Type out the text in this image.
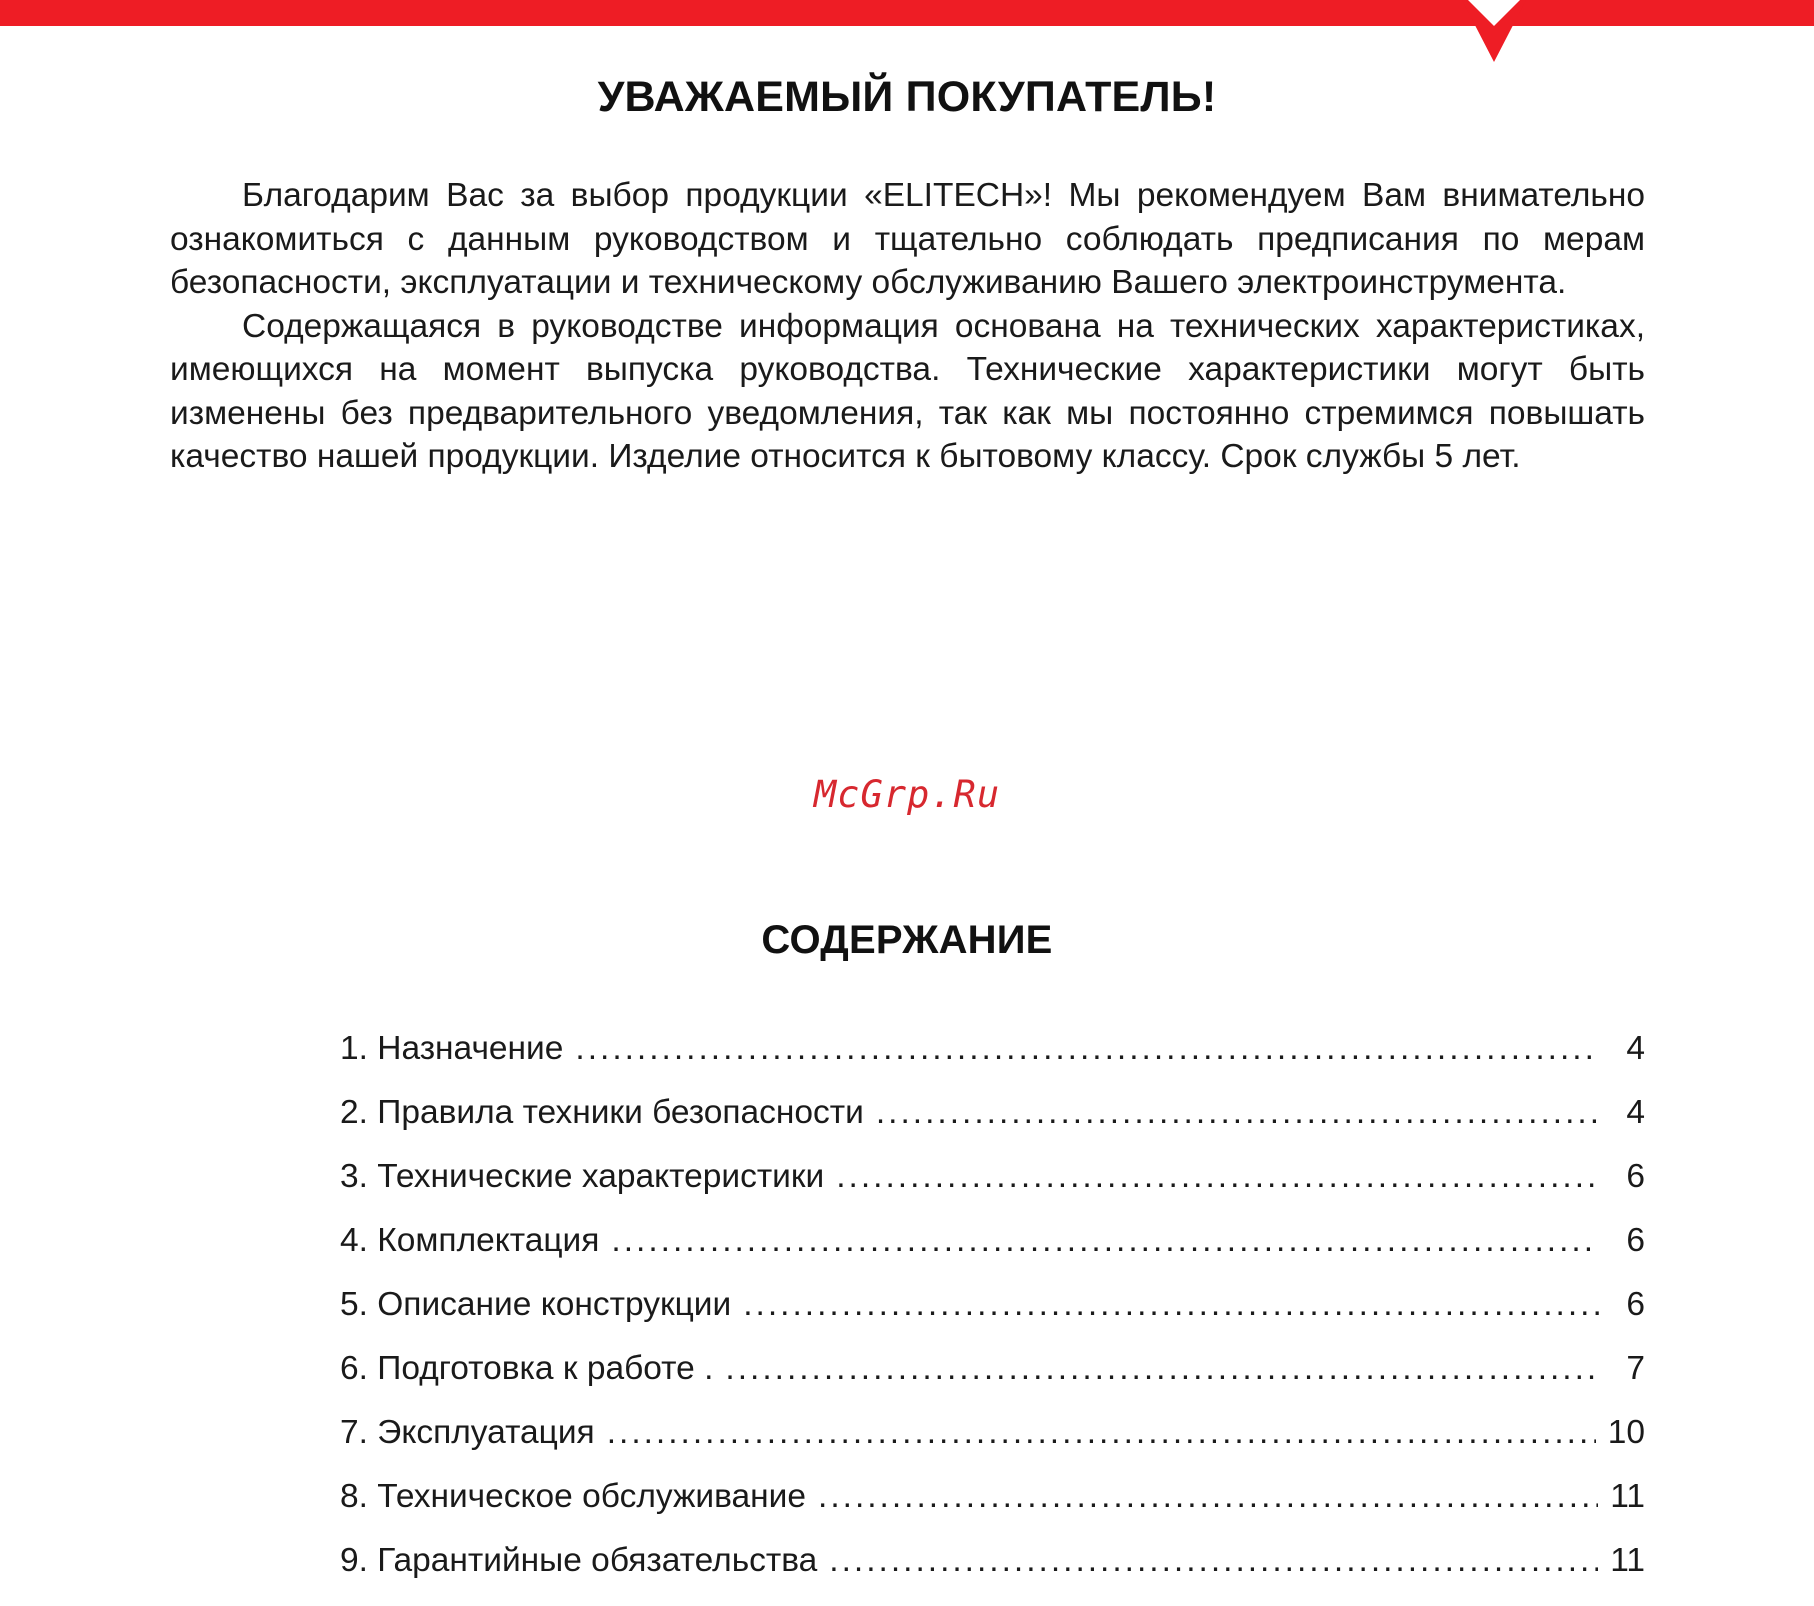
УВАЖАЕМЫЙ ПОКУПАТЕЛЬ!

Благодарим Вас за выбор продукции «ELITECH»! Мы рекомендуем Вам внимательно ознакомиться с данным руководством и тщательно соблюдать предписания по мерам безопасности, эксплуатации и техническому обслуживанию Вашего электроинструмента.

Содержащаяся в руководстве информация основана на технических характеристиках, имеющихся на момент выпуска руководства. Технические характеристики могут быть изменены без предварительного уведомления, так как мы постоянно стремимся повышать качество нашей продукции. Изделие относится к бытовому классу. Срок службы 5 лет.

McGrp.Ru
СОДЕРЖАНИЕ
1. Назначение .....	4
2. Правила техники безопасности .....	4
3. Технические характеристики .....	6
4. Комплектация .....	6
5. Описание конструкции .....	6
6. Подготовка к работе . .....	7
7. Эксплуатация .....	10
8. Техническое обслуживание .....	11
9. Гарантийные обязательства .....	11
